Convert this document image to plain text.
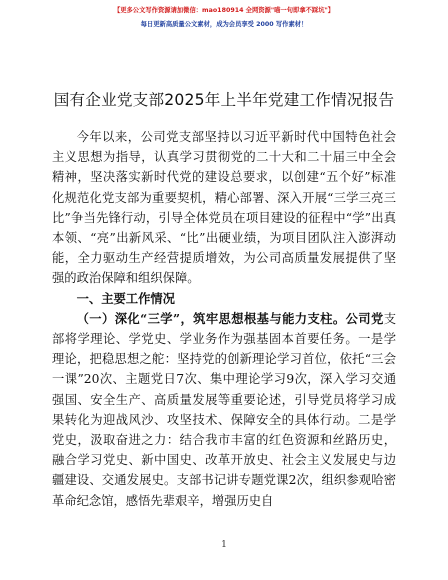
【更多公文写作资源请加微信：mao180914 全网资源"喵一句即拿不踩坑"】
每日更新高质量公文素材，成为会员享受 2000 写作素材！
国有企业党支部2025年上半年党建工作情况报告

今年以来，公司党支部坚持以习近平新时代中国特色社会主义思想为指导，认真学习贯彻党的二十大和二十届三中全会精神，坚决落实新时代党的建设总要求，以创建“五个好”标准化规范化党支部为重要契机，精心部署、深入开展“三学三亮三比”争当先锋行动，引导全体党员在项目建设的征程中“学”出真本领、“亮”出新风采、“比”出硬业绩，为项目团队注入澎湃动能，全力驱动生产经营提质增效，为公司高质量发展提供了坚强的政治保障和组织保障。

一、主要工作情况

（一）深化“三学”，筑牢思想根基与能力支柱。公司党支部将学理论、学党史、学业务作为强基固本首要任务。一是学理论，把稳思想之舵：坚持党的创新理论学习首位，依托“三会一课”20次、主题党日7次、集中理论学习9次，深入学习交通强国、安全生产、高质量发展等重要论述，引导党员将学习成果转化为迎战风沙、攻坚技术、保障安全的具体行动。二是学党史，汲取奋进之力：结合我市丰富的红色资源和丝路历史，融合学习党史、新中国史、改革开放史、社会主义发展史与边疆建设、交通发展史。支部书记讲专题党课2次，组织参观哈密革命纪念馆，感悟先辈艰辛，增强历史自

1
